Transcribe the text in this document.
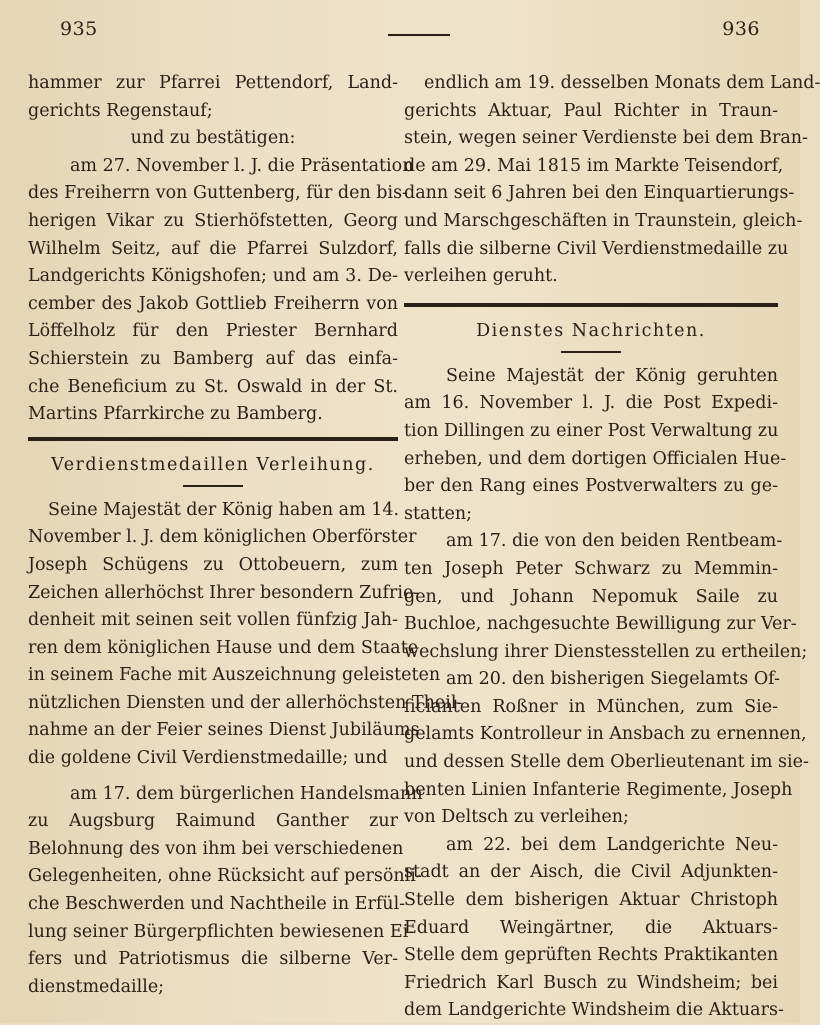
935	936
hammer zur Pfarrei Pettendorf, Land-
gerichts Regenstauf;
und zu bestätigen:
am 27. November l. J. die Präsentation
des Freiherrn von Guttenberg, für den bis-
herigen Vikar zu Stierhöfstetten, Georg
Wilhelm Seitz, auf die Pfarrei Sulzdorf,
Landgerichts Königshofen; und am 3. De-
cember des Jakob Gottlieb Freiherrn von
Löffelholz für den Priester Bernhard
Schierstein zu Bamberg auf das einfa-
che Beneficium zu St. Oswald in der St.
Martins Pfarrkirche zu Bamberg.
Verdienstmedaillen Verleihung.
Seine Majestät der König haben am 14.
November l. J. dem königlichen Oberförster
Joseph Schügens zu Ottobeuern, zum
Zeichen allerhöchst Ihrer besondern Zufrie-
denheit mit seinen seit vollen fünfzig Jah-
ren dem königlichen Hause und dem Staate
in seinem Fache mit Auszeichnung geleisteten
nützlichen Diensten und der allerhöchsten Theil-
nahme an der Feier seines Dienst Jubiläums
die goldene Civil Verdienstmedaille; und
am 17. dem bürgerlichen Handelsmann
zu Augsburg Raimund Ganther zur
Belohnung des von ihm bei verschiedenen
Gelegenheiten, ohne Rücksicht auf persönli-
che Beschwerden und Nachtheile in Erfül-
lung seiner Bürgerpflichten bewiesenen Ei-
fers und Patriotismus die silberne Ver-
dienstmedaille;
endlich am 19. desselben Monats dem Land-
gerichts Aktuar, Paul Richter in Traun-
stein, wegen seiner Verdienste bei dem Bran-
de am 29. Mai 1815 im Markte Teisendorf,
dann seit 6 Jahren bei den Einquartierungs-
und Marschgeschäften in Traunstein, gleich-
falls die silberne Civil Verdienstmedaille zu
verleihen geruht.
Dienstes Nachrichten.
Seine Majestät der König geruhten
am 16. November l. J. die Post Expedi-
tion Dillingen zu einer Post Verwaltung zu
erheben, und dem dortigen Officialen Hue-
ber den Rang eines Postverwalters zu ge-
statten;
am 17. die von den beiden Rentbeam-
ten Joseph Peter Schwarz zu Memmin-
gen, und Johann Nepomuk Saile zu
Buchloe, nachgesuchte Bewilligung zur Ver-
wechslung ihrer Dienstesstellen zu ertheilen;
am 20. den bisherigen Siegelamts Of-
ficianten Roßner in München, zum Sie-
gelamts Kontrolleur in Ansbach zu ernennen,
und dessen Stelle dem Oberlieutenant im sie-
benten Linien Infanterie Regimente, Joseph
von Deltsch zu verleihen;
am 22. bei dem Landgerichte Neu-
stadt an der Aisch, die Civil Adjunkten-
Stelle dem bisherigen Aktuar Christoph
Eduard Weingärtner, die Aktuars-
Stelle dem geprüften Rechts Praktikanten
Friedrich Karl Busch zu Windsheim; bei
dem Landgerichte Windsheim die Aktuars-
